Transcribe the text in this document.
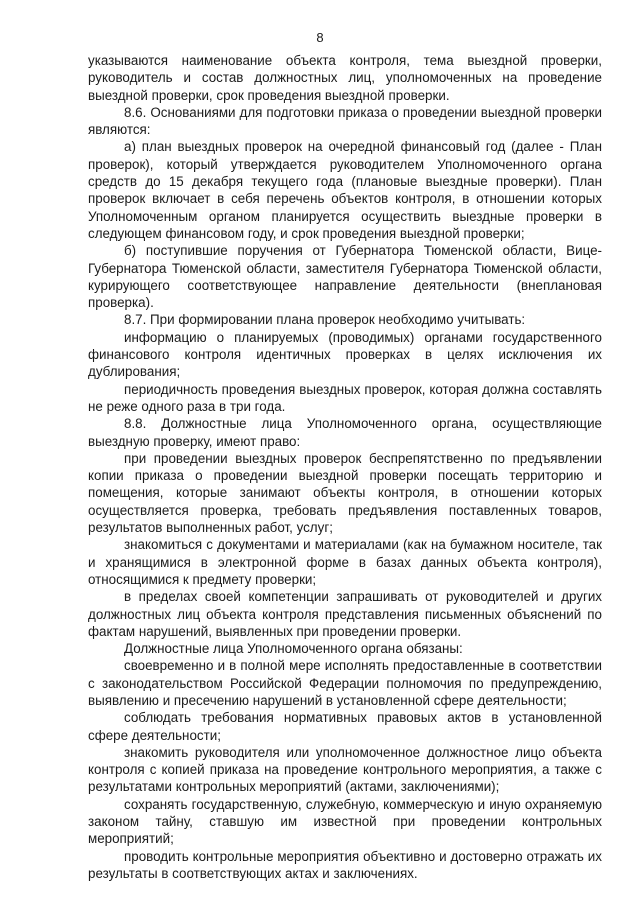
8

указываются наименование объекта контроля, тема выездной проверки, руководитель и состав должностных лиц, уполномоченных на проведение выездной проверки, срок проведения выездной проверки.

8.6. Основаниями для подготовки приказа о проведении выездной проверки являются:

а) план выездных проверок на очередной финансовый год (далее - План проверок), который утверждается руководителем Уполномоченного органа средств до 15 декабря текущего года (плановые выездные проверки). План проверок включает в себя перечень объектов контроля, в отношении которых Уполномоченным органом планируется осуществить выездные проверки в следующем финансовом году, и срок проведения выездной проверки;

б) поступившие поручения от Губернатора Тюменской области, Вице-Губернатора Тюменской области, заместителя Губернатора Тюменской области, курирующего соответствующее направление деятельности (внеплановая проверка).

8.7. При формировании плана проверок необходимо учитывать:

информацию о планируемых (проводимых) органами государственного финансового контроля идентичных проверках в целях исключения их дублирования;

периодичность проведения выездных проверок, которая должна составлять не реже одного раза в три года.

8.8. Должностные лица Уполномоченного органа, осуществляющие выездную проверку, имеют право:

при проведении выездных проверок беспрепятственно по предъявлении копии приказа о проведении выездной проверки посещать территорию и помещения, которые занимают объекты контроля, в отношении которых осуществляется проверка, требовать предъявления поставленных товаров, результатов выполненных работ, услуг;

знакомиться с документами и материалами (как на бумажном носителе, так и хранящимися в электронной форме в базах данных объекта контроля), относящимися к предмету проверки;

в пределах своей компетенции запрашивать от руководителей и других должностных лиц объекта контроля представления письменных объяснений по фактам нарушений, выявленных при проведении проверки.

Должностные лица Уполномоченного органа обязаны:

своевременно и в полной мере исполнять предоставленные в соответствии с законодательством Российской Федерации полномочия по предупреждению, выявлению и пресечению нарушений в установленной сфере деятельности;

соблюдать требования нормативных правовых актов в установленной сфере деятельности;

знакомить руководителя или уполномоченное должностное лицо объекта контроля с копией приказа на проведение контрольного мероприятия, а также с результатами контрольных мероприятий (актами, заключениями);

сохранять государственную, служебную, коммерческую и иную охраняемую законом тайну, ставшую им известной при проведении контрольных мероприятий;

проводить контрольные мероприятия объективно и достоверно отражать их результаты в соответствующих актах и заключениях.
